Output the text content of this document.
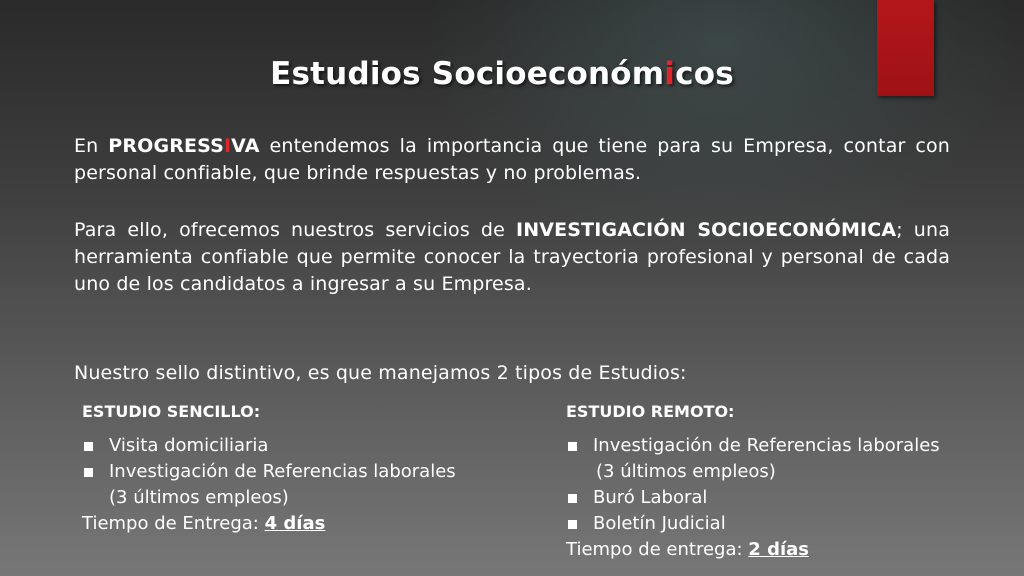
Estudios Socioeconómicos
En PROGRESSIVA entendemos la importancia que tiene para su Empresa, contar con personal confiable, que brinde respuestas y no problemas.
Para ello, ofrecemos nuestros servicios de INVESTIGACIÓN SOCIOECONÓMICA; una herramienta confiable que permite conocer la trayectoria profesional y personal de cada uno de los candidatos a ingresar a su Empresa.
Nuestro sello distintivo, es que manejamos 2 tipos de Estudios:
ESTUDIO SENCILLO:	ESTUDIO REMOTO:
Visita domiciliaria
Investigación de Referencias laborales
(3 últimos empleos)
Tiempo de Entrega: 4 días
Investigación de Referencias laborales
(3 últimos empleos)
Buró Laboral
Boletín Judicial
Tiempo de entrega: 2 días
